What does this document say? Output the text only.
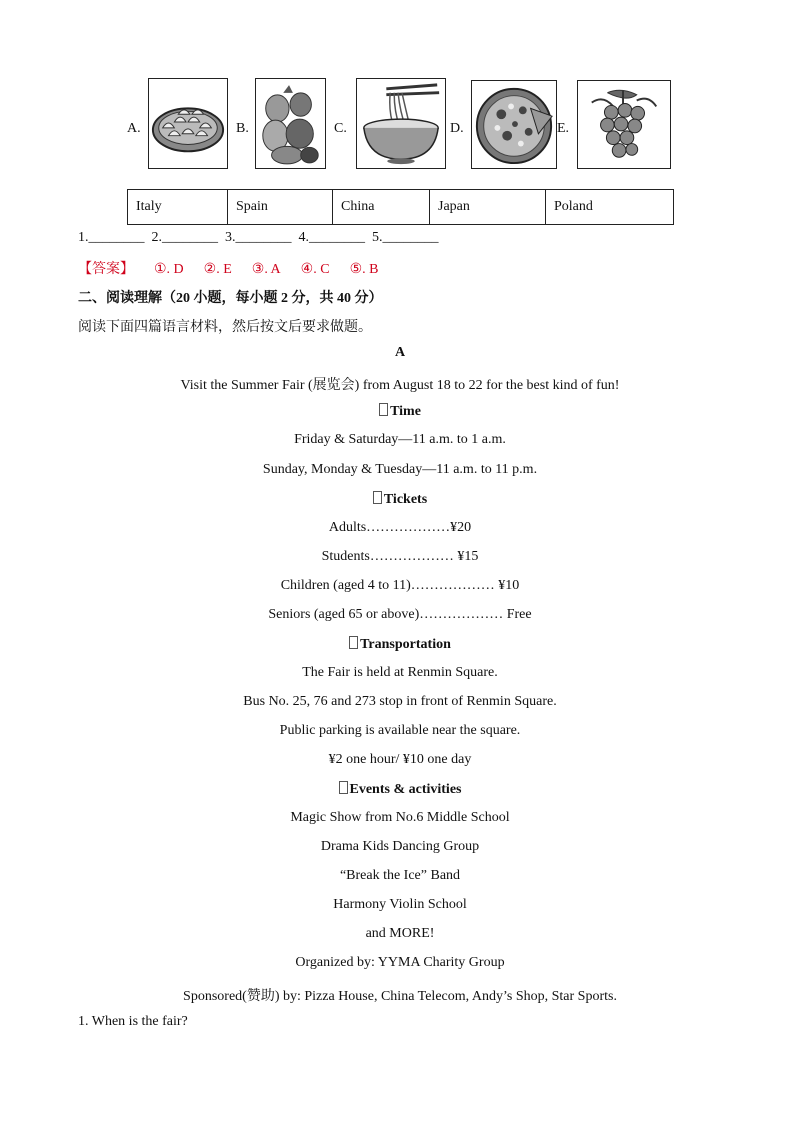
A.	B.	C.	D.	E.
Italy	Spain	China	Japan	Poland
1.________  2.________  3.________  4.________  5.________
【答案】 ①. D ②. E ③. A ④. C ⑤. B
二、阅读理解（20 小题，每小题 2 分，共 40 分）
阅读下面四篇语言材料，然后按文后要求做题。
A
Visit the Summer Fair (展览会) from August 18 to 22 for the best kind of fun!
Time
Friday & Saturday—11 a.m. to 1 a.m.
Sunday, Monday & Tuesday—11 a.m. to 11 p.m.
Tickets
Adults………………¥20
Students……………… ¥15
Children (aged 4 to 11)……………… ¥10
Seniors (aged 65 or above)……………… Free
Transportation
The Fair is held at Renmin Square.
Bus No. 25, 76 and 273 stop in front of Renmin Square.
Public parking is available near the square.
¥2 one hour/ ¥10 one day
Events & activities
Magic Show from No.6 Middle School
Drama Kids Dancing Group
“Break the Ice” Band
Harmony Violin School
and MORE!
Organized by: YYMA Charity Group
Sponsored(赞助) by: Pizza House, China Telecom, Andy’s Shop, Star Sports.
1. When is the fair?
